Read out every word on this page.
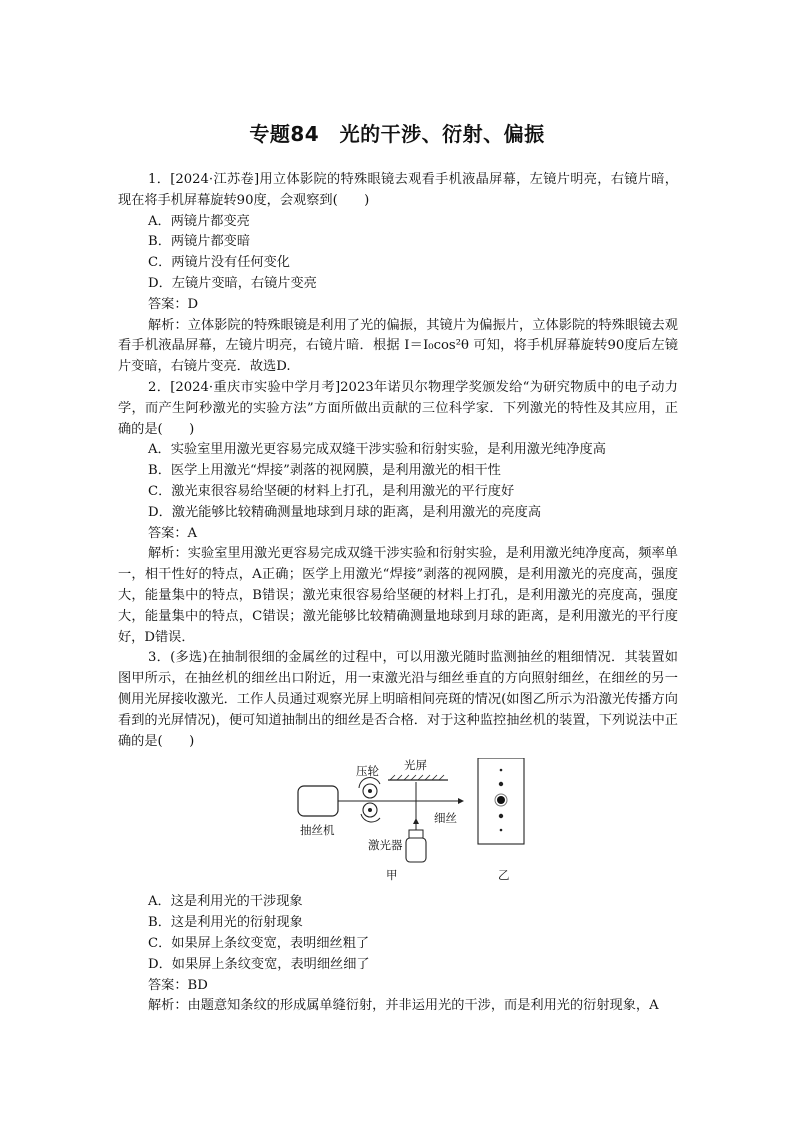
专题84　光的干涉、衍射、偏振

1．[2024·江苏卷]用立体影院的特殊眼镜去观看手机液晶屏幕，左镜片明亮，右镜片暗，现在将手机屏幕旋转90度，会观察到(　　)

A．两镜片都变亮

B．两镜片都变暗

C．两镜片没有任何变化

D．左镜片变暗，右镜片变亮

答案：D

解析：立体影院的特殊眼镜是利用了光的偏振，其镜片为偏振片，立体影院的特殊眼镜去观看手机液晶屏幕，左镜片明亮，右镜片暗．根据 I＝I₀cos²θ 可知，将手机屏幕旋转90度后左镜片变暗，右镜片变亮．故选D.

2．[2024·重庆市实验中学月考]2023年诺贝尔物理学奖颁发给“为研究物质中的电子动力学，而产生阿秒激光的实验方法”方面所做出贡献的三位科学家．下列激光的特性及其应用，正确的是(　　)

A．实验室里用激光更容易完成双缝干涉实验和衍射实验，是利用激光纯净度高

B．医学上用激光“焊接”剥落的视网膜，是利用激光的相干性

C．激光束很容易给坚硬的材料上打孔，是利用激光的平行度好

D．激光能够比较精确测量地球到月球的距离，是利用激光的亮度高

答案：A

解析：实验室里用激光更容易完成双缝干涉实验和衍射实验，是利用激光纯净度高，频率单一，相干性好的特点，A正确；医学上用激光“焊接”剥落的视网膜，是利用激光的亮度高，强度大，能量集中的特点，B错误；激光束很容易给坚硬的材料上打孔，是利用激光的亮度高，强度大，能量集中的特点，C错误；激光能够比较精确测量地球到月球的距离，是利用激光的平行度好，D错误．

3．(多选)在抽制很细的金属丝的过程中，可以用激光随时监测抽丝的粗细情况．其装置如图甲所示，在抽丝机的细丝出口附近，用一束激光沿与细丝垂直的方向照射细丝，在细丝的另一侧用光屏接收激光．工作人员通过观察光屏上明暗相间亮斑的情况(如图乙所示为沿激光传播方向看到的光屏情况)，便可知道抽制出的细丝是否合格．对于这种监控抽丝机的装置，下列说法中正确的是(　　)

压轮 光屏
抽丝机
细丝
激光器
甲	乙

A．这是利用光的干涉现象

B．这是利用光的衍射现象

C．如果屏上条纹变宽，表明细丝粗了

D．如果屏上条纹变宽，表明细丝细了

答案：BD

解析：由题意知条纹的形成属单缝衍射，并非运用光的干涉，而是利用光的衍射现象，A
